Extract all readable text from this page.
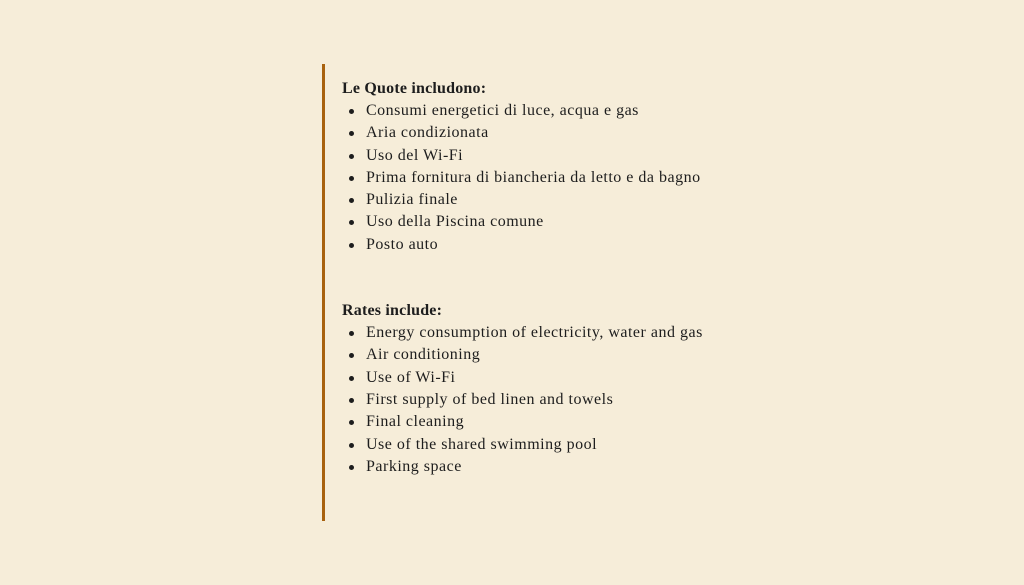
Le Quote includono:

Consumi energetici di luce, acqua e gas
Aria condizionata
Uso del Wi-Fi
Prima fornitura di biancheria da letto e da bagno
Pulizia finale
Uso della Piscina comune
Posto auto

Rates include:

Energy consumption of electricity, water and gas
Air conditioning
Use of Wi-Fi
First supply of bed linen and towels
Final cleaning
Use of the shared swimming pool
Parking space
